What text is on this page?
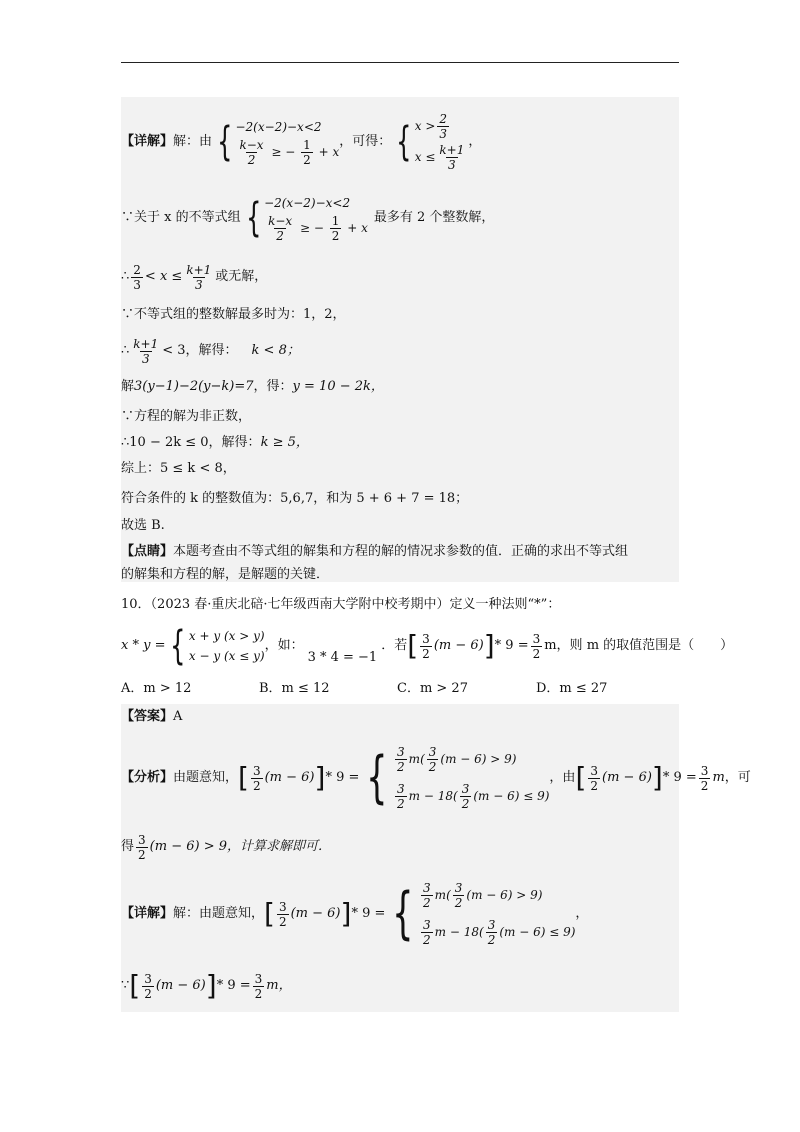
【详解】 解：由 { −2(x−2)−x<2
$\frac{k-x}{2}$ ≥ − $\frac{1}{2} + x$
，可得： { $x > \frac{2}{3}$
$x \le \frac{k+1}{3}$
，
∵关于 x 的不等式组 { −2(x−2)−x<2
$\frac{k-x}{2}$ ≥ − $\frac{1}{2} + x$
最多有 2 个整数解，
∴ $\frac{2}{3} < x \le \frac{k+1}{3}$ 或无解，
∵不等式组的整数解最多时为：1，2，
∴ $\frac{k+1}{3} < 3$，解得： k < 8；
解3(y−1)−2(y−k)=7，得：y = 10 − 2k，
∵方程的解为非正数，
∴10 − 2k ≤ 0，解得：k ≥ 5，
综上：5 ≤ k < 8，
符合条件的 k 的整数值为：5,6,7，和为 5 + 6 + 7 = 18；
故选 B.
【点睛】本题考查由不等式组的解集和方程的解的情况求参数的值．正确的求出不等式组
的解集和方程的解，是解题的关键．
10．（2023 春·重庆北碚·七年级西南大学附中校考期中）定义一种法则“*”：
x * y = { x + y (x > y)
x − y (x ≤ y)
，如：
3 * 4 = −1
．若 [ $\frac{3}{2} (m - 6)$ ] * $9 = \frac{3}{2}$ m，则 m 的取值范围是（　　）
A．m > 12	B．m ≤ 12	C．m > 27	D．m ≤ 27
【答案】A
【分析】 由题意知， [ $\frac{3}{2} (m - 6)$ ] * 9 = { $\frac{3}{2} m( \frac{3}{2} (m - 6) > 9)$
$\frac{3}{2}$ $m - 18( \frac{3}{2} (m - 6) \le 9)$
，由 [ $\frac{3}{2} (m - 6)$ ] * $9 = \frac{3}{2}$ m ，可
得 $\frac{3}{2} (m - 6) > 9$，计算求解即可．
【详解】 解：由题意知， [ $\frac{3}{2} (m - 6)$ ] * 9 = { $\frac{3}{2} m( \frac{3}{2} (m - 6) > 9)$
$\frac{3}{2}$ $m - 18( \frac{3}{2} (m - 6) \le 9)$
，
∵ [ $\frac{3}{2} (m - 6)$ ] * $9 = \frac{3}{2}$ m，
